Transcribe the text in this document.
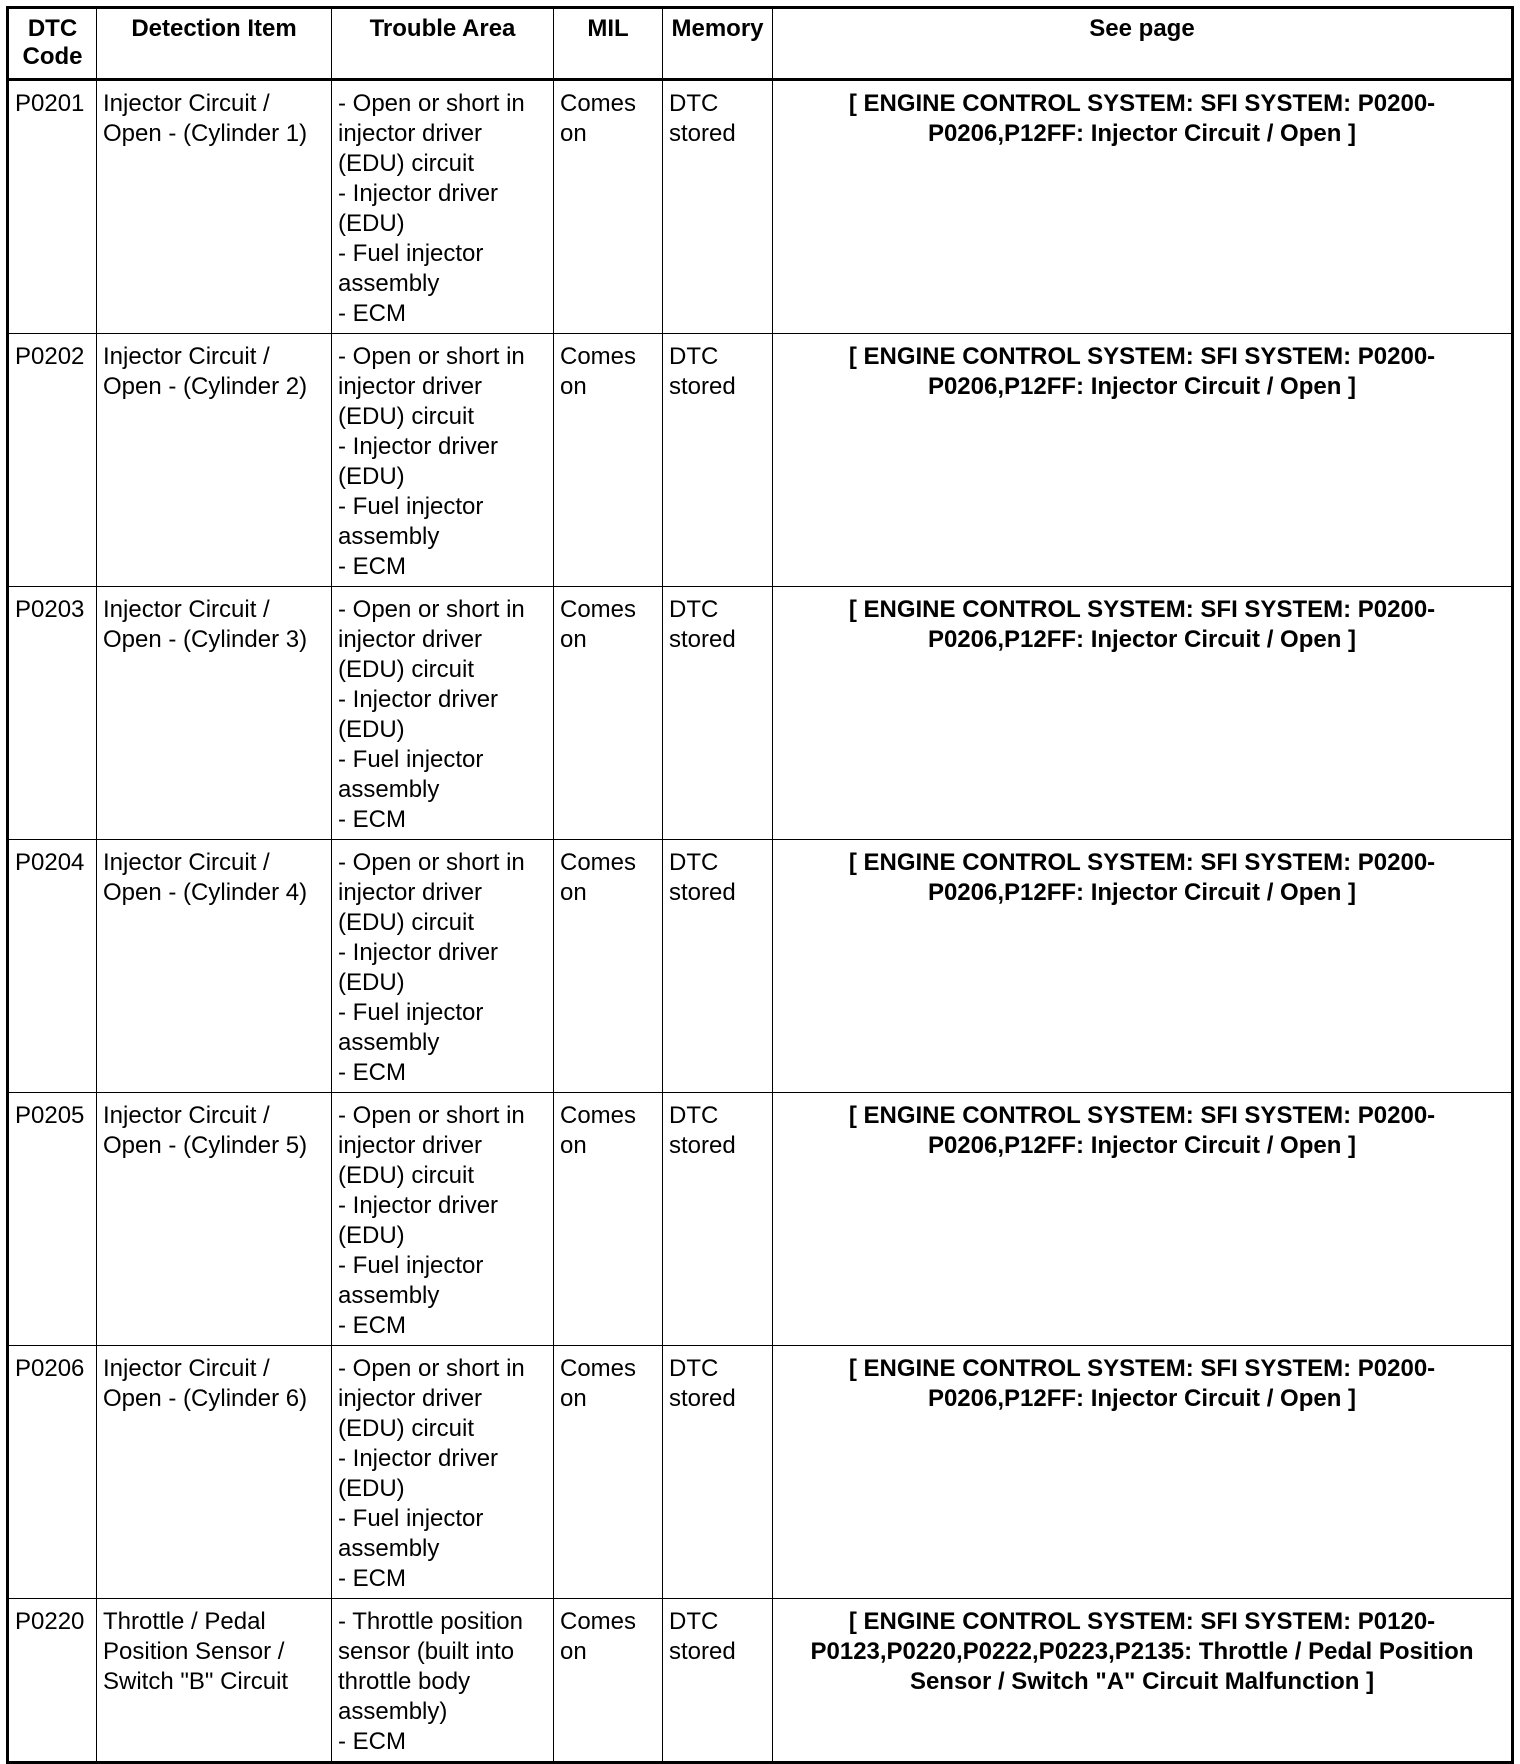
DTC Code	Detection Item	Trouble Area	MIL	Memory	See page
P0201	Injector Circuit / Open - (Cylinder 1)	- Open or short in injector driver (EDU) circuit
- Injector driver (EDU)
- Fuel injector assembly
- ECM	Comes on	DTC stored	[ ENGINE CONTROL SYSTEM: SFI SYSTEM: P0200-P0206,P12FF: Injector Circuit / Open ]
P0202	Injector Circuit / Open - (Cylinder 2)	- Open or short in injector driver (EDU) circuit
- Injector driver (EDU)
- Fuel injector assembly
- ECM	Comes on	DTC stored	[ ENGINE CONTROL SYSTEM: SFI SYSTEM: P0200-P0206,P12FF: Injector Circuit / Open ]
P0203	Injector Circuit / Open - (Cylinder 3)	- Open or short in injector driver (EDU) circuit
- Injector driver (EDU)
- Fuel injector assembly
- ECM	Comes on	DTC stored	[ ENGINE CONTROL SYSTEM: SFI SYSTEM: P0200-P0206,P12FF: Injector Circuit / Open ]
P0204	Injector Circuit / Open - (Cylinder 4)	- Open or short in injector driver (EDU) circuit
- Injector driver (EDU)
- Fuel injector assembly
- ECM	Comes on	DTC stored	[ ENGINE CONTROL SYSTEM: SFI SYSTEM: P0200-P0206,P12FF: Injector Circuit / Open ]
P0205	Injector Circuit / Open - (Cylinder 5)	- Open or short in injector driver (EDU) circuit
- Injector driver (EDU)
- Fuel injector assembly
- ECM	Comes on	DTC stored	[ ENGINE CONTROL SYSTEM: SFI SYSTEM: P0200-P0206,P12FF: Injector Circuit / Open ]
P0206	Injector Circuit / Open - (Cylinder 6)	- Open or short in injector driver (EDU) circuit
- Injector driver (EDU)
- Fuel injector assembly
- ECM	Comes on	DTC stored	[ ENGINE CONTROL SYSTEM: SFI SYSTEM: P0200-P0206,P12FF: Injector Circuit / Open ]
P0220	Throttle / Pedal Position Sensor / Switch "B" Circuit	- Throttle position sensor (built into throttle body assembly)
- ECM	Comes on	DTC stored	[ ENGINE CONTROL SYSTEM: SFI SYSTEM: P0120-P0123,P0220,P0222,P0223,P2135: Throttle / Pedal Position Sensor / Switch "A" Circuit Malfunction ]
